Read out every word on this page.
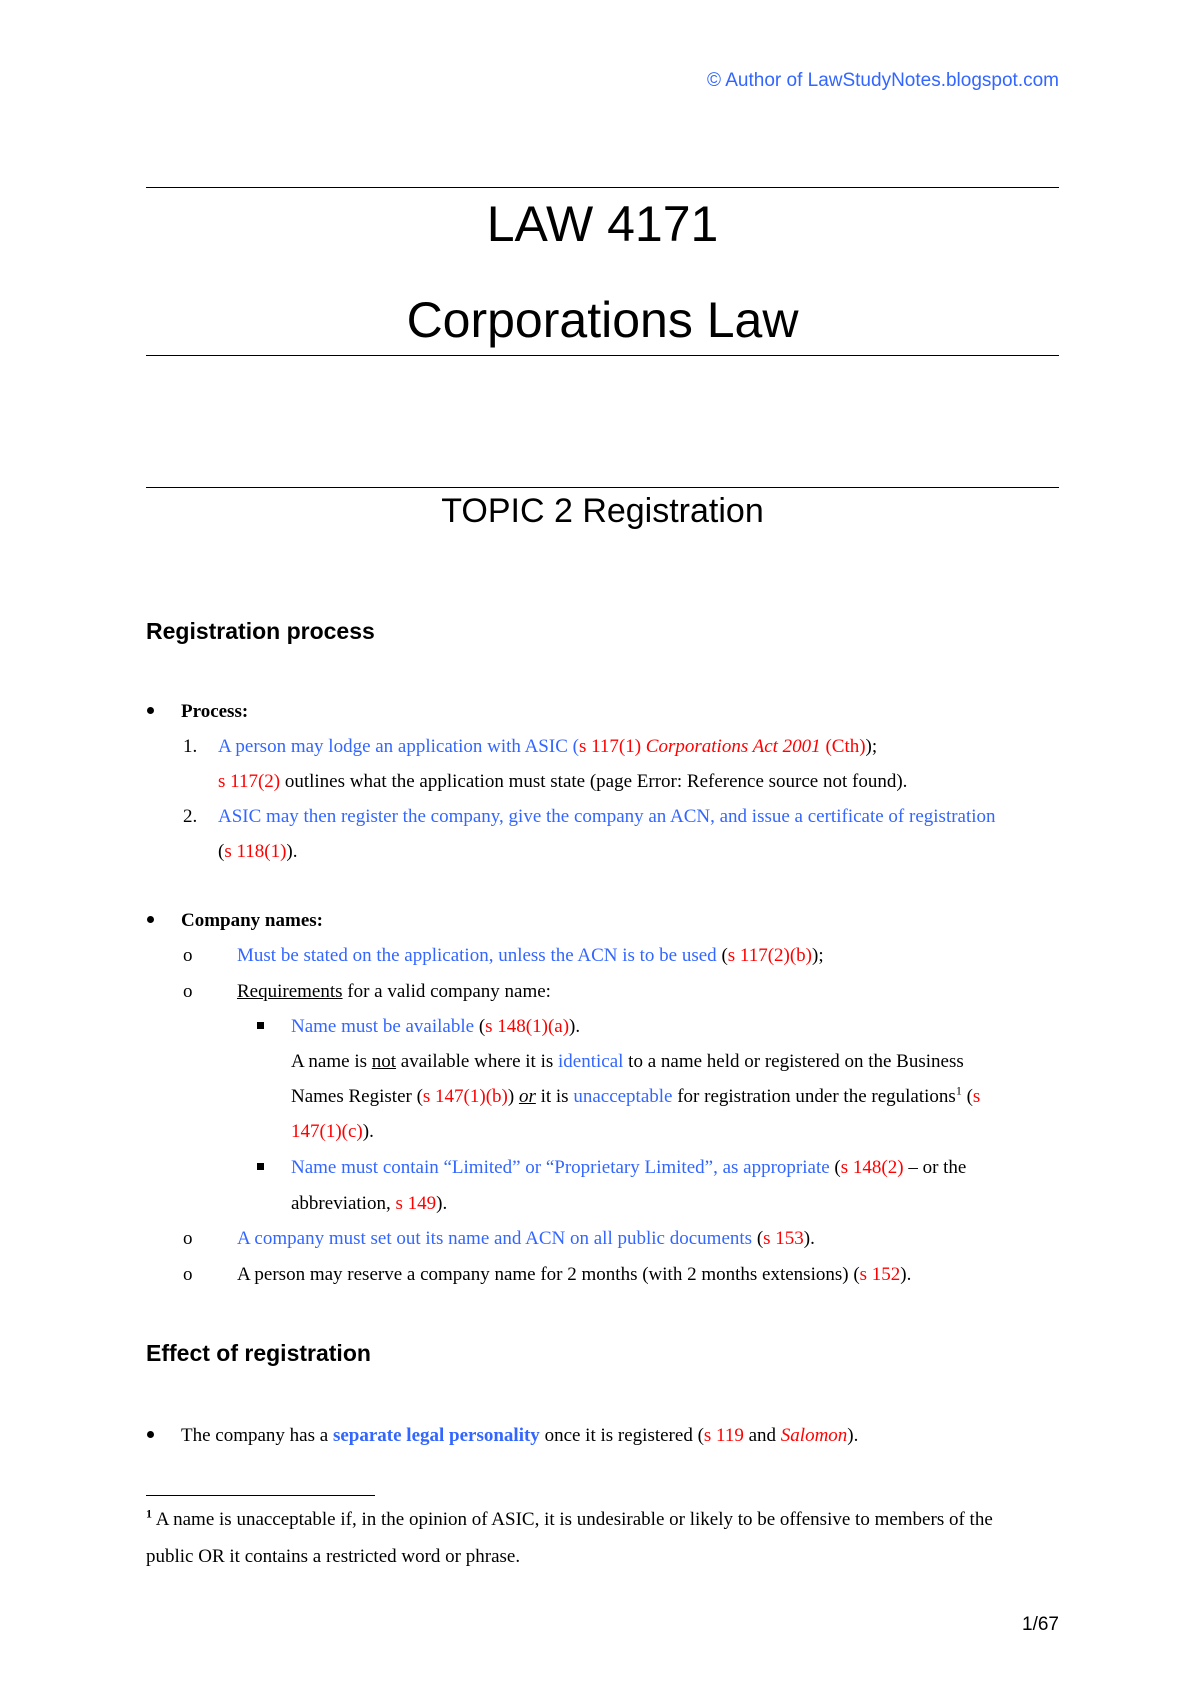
© Author of LawStudyNotes.blogspot.com
LAW 4171
Corporations Law
TOPIC 2 Registration
Registration process
Process:
1. A person may lodge an application with ASIC (s 117(1) Corporations Act 2001 (Cth));
s 117(2) outlines what the application must state (page Error: Reference source not found).
2. ASIC may then register the company, give the company an ACN, and issue a certificate of registration
(s 118(1)).
Company names:
o Must be stated on the application, unless the ACN is to be used (s 117(2)(b));
o Requirements for a valid company name:
Name must be available (s 148(1)(a)).
A name is not available where it is identical to a name held or registered on the Business
Names Register (s 147(1)(b)) or it is unacceptable for registration under the regulations$^1$ (s
147(1)(c)).
Name must contain “Limited” or “Proprietary Limited”, as appropriate (s 148(2) – or the
abbreviation, s 149).
o A company must set out its name and ACN on all public documents (s 153).
o A person may reserve a company name for 2 months (with 2 months extensions) (s 152).
Effect of registration
The company has a separate legal personality once it is registered (s 119 and Salomon).
$^1$ A name is unacceptable if, in the opinion of ASIC, it is undesirable or likely to be offensive to members of the
public OR it contains a restricted word or phrase.
1/67
